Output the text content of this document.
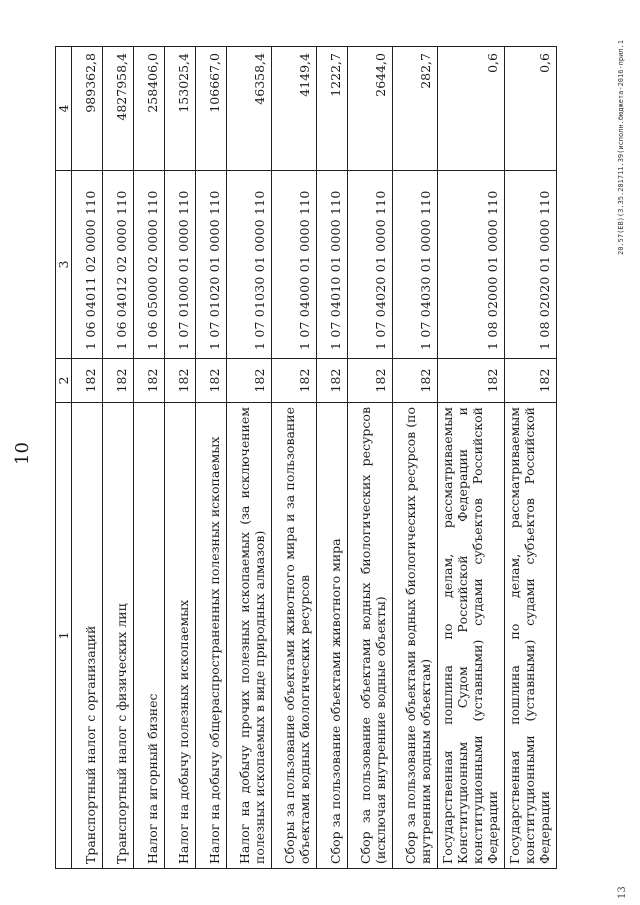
10
1	2	3	4
Транспортный налог с организаций	182	1 06 04011 02 0000 110	989362,8
Транспортный налог с физических лиц	182	1 06 04012 02 0000 110	4827958,4
Налог на игорный бизнес	182	1 06 05000 02 0000 110	258406,0
Налог на добычу полезных ископаемых	182	1 07 01000 01 0000 110	153025,4
Налог на добычу общераспространенных полезных ископаемых	182	1 07 01020 01 0000 110	106667,0
Налог на добычу прочих полезных ископаемых (за исключением полезных ископаемых в виде природных алмазов)	182	1 07 01030 01 0000 110	46358,4
Сборы за пользование объектами животного мира и за пользование объектами водных биологических ресурсов	182	1 07 04000 01 0000 110	4149,4
Сбор за пользование объектами животного мира	182	1 07 04010 01 0000 110	1222,7
Сбор за пользование объектами водных биологических ресурсов (исключая внутренние водные объекты)	182	1 07 04020 01 0000 110	2644,0
Сбор за пользование объектами водных биологических ресурсов (по внутренним водным объектам)	182	1 07 04030 01 0000 110	282,7
Государственная пошлина по делам, рассматриваемым Конституционным Судом Российской Федерации и конституционными (уставными) судами субъектов Российской Федерации	182	1 08 02000 01 0000 110	0,6
Государственная пошлина по делам, рассматриваемым конституционными (уставными) судами субъектов Российской Федерации	182	1 08 02020 01 0000 110	0,6	20.57(ЕВ)(3.35.201711.39(исполн.бюджета-2016-прил.1
13
